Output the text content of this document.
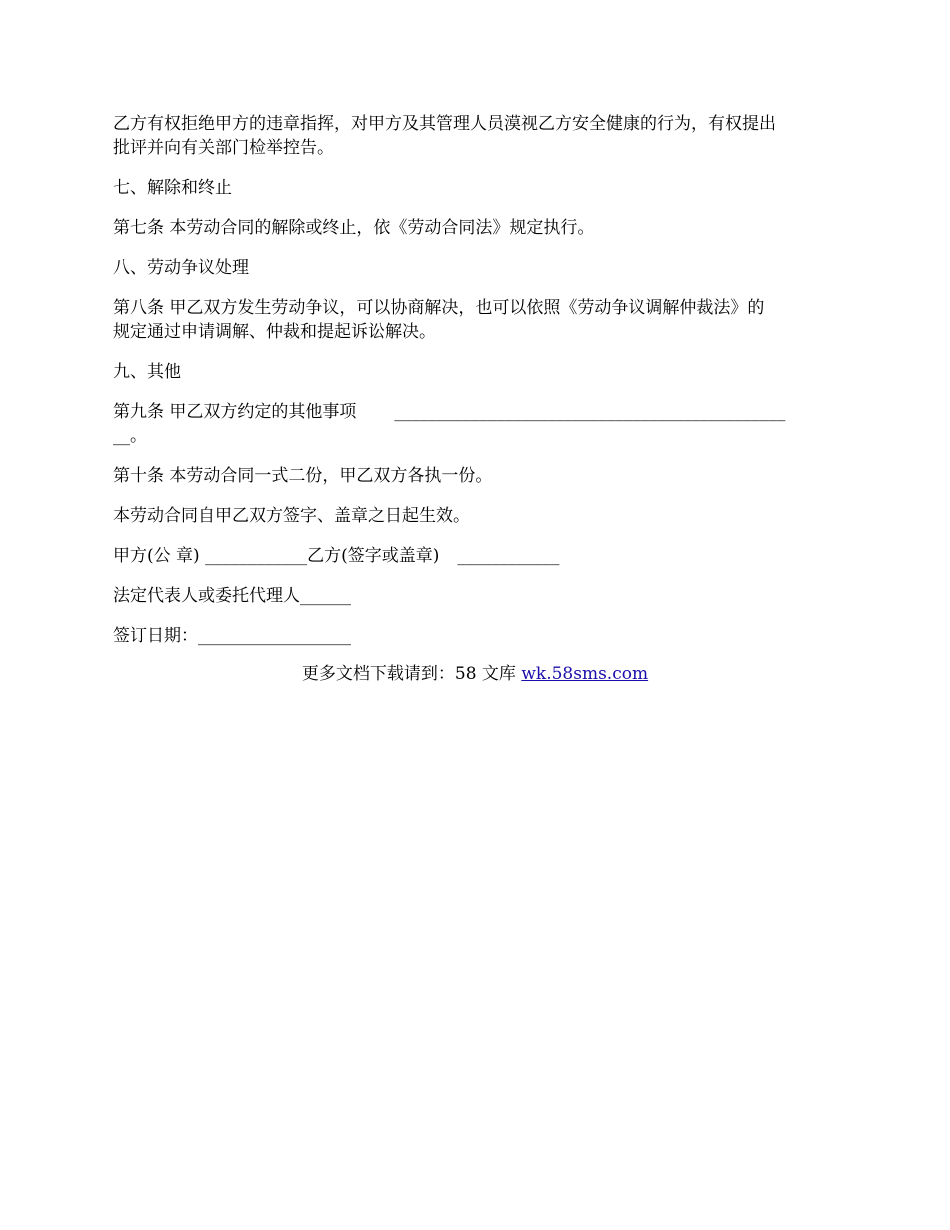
乙方有权拒绝甲方的违章指挥，对甲方及其管理人员漠视乙方安全健康的行为，有权提出
批评并向有关部门检举控告。

七、解除和终止

第七条 本劳动合同的解除或终止，依《劳动合同法》规定执行。

八、劳动争议处理

第八条 甲乙双方发生劳动争议，可以协商解决，也可以依照《劳动争议调解仲裁法》的
规定通过申请调解、仲裁和提起诉讼解决。

九、其他

第九条 甲乙双方约定的其他事项 ______________________________________________
__。

第十条 本劳动合同一式二份，甲乙双方各执一份。

本劳动合同自甲乙双方签字、盖章之日起生效。

甲方(公 章) ____________乙方(签字或盖章) ____________

法定代表人或委托代理人______

签订日期：__________________

更多文档下载请到：58 文库 wk.58sms.com
